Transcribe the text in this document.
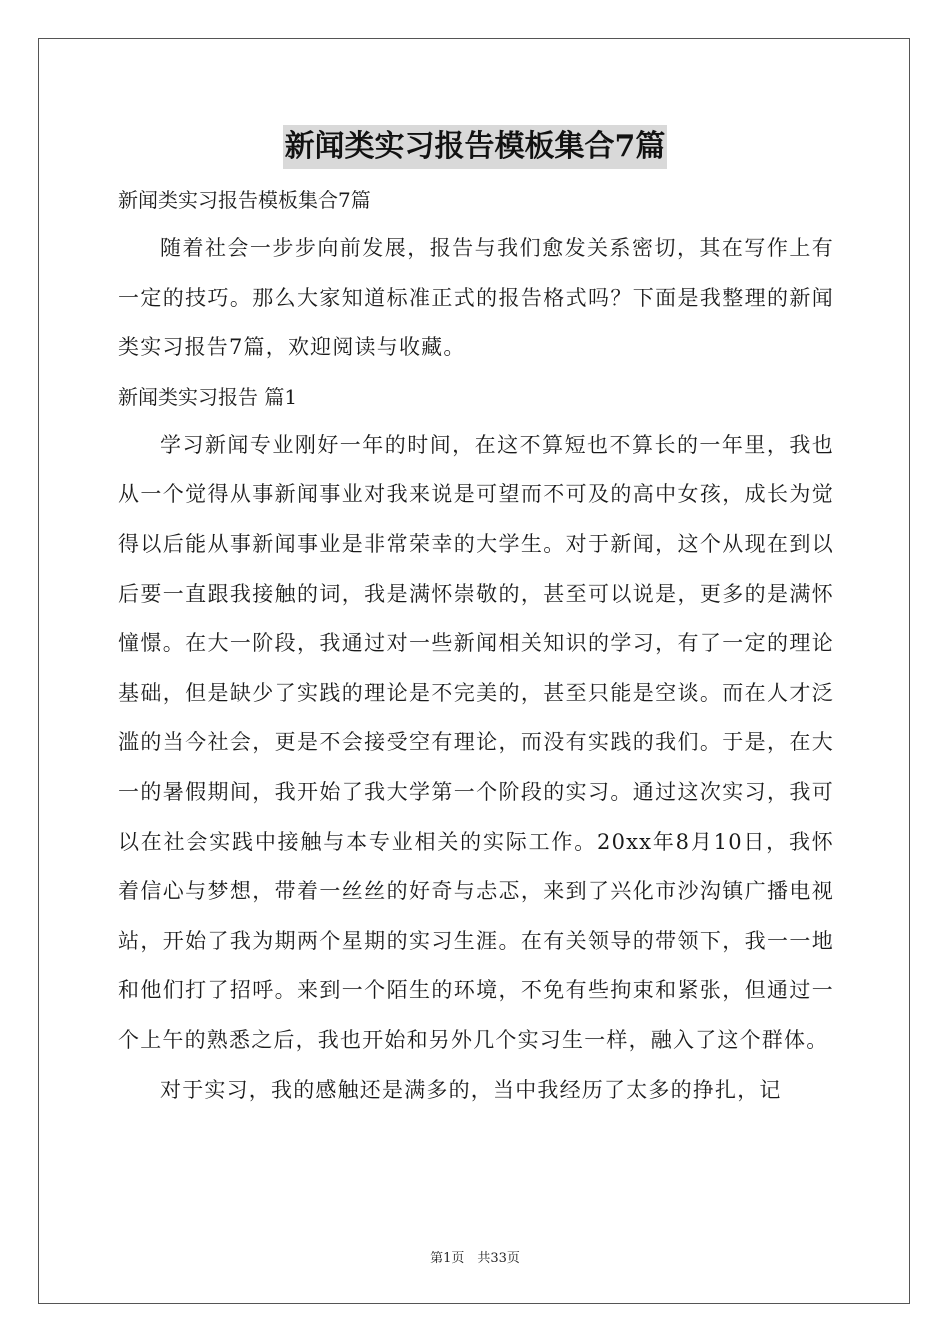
新闻类实习报告模板集合7篇

新闻类实习报告模板集合7篇

随着社会一步步向前发展，报告与我们愈发关系密切，其在写作上有一定的技巧。那么大家知道标准正式的报告格式吗？下面是我整理的新闻类实习报告7篇，欢迎阅读与收藏。

新闻类实习报告 篇1

学习新闻专业刚好一年的时间，在这不算短也不算长的一年里，我也从一个觉得从事新闻事业对我来说是可望而不可及的高中女孩，成长为觉得以后能从事新闻事业是非常荣幸的大学生。对于新闻，这个从现在到以后要一直跟我接触的词，我是满怀崇敬的，甚至可以说是，更多的是满怀憧憬。在大一阶段，我通过对一些新闻相关知识的学习，有了一定的理论基础，但是缺少了实践的理论是不完美的，甚至只能是空谈。而在人才泛滥的当今社会，更是不会接受空有理论，而没有实践的我们。于是，在大一的暑假期间，我开始了我大学第一个阶段的实习。通过这次实习，我可以在社会实践中接触与本专业相关的实际工作。20xx年8月10日，我怀着信心与梦想，带着一丝丝的好奇与忐忑，来到了兴化市沙沟镇广播电视站，开始了我为期两个星期的实习生涯。在有关领导的带领下，我一一地和他们打了招呼。来到一个陌生的环境，不免有些拘束和紧张，但通过一个上午的熟悉之后，我也开始和另外几个实习生一样，融入了这个群体。

对于实习，我的感触还是满多的，当中我经历了太多的挣扎，记

第1页　共33页
